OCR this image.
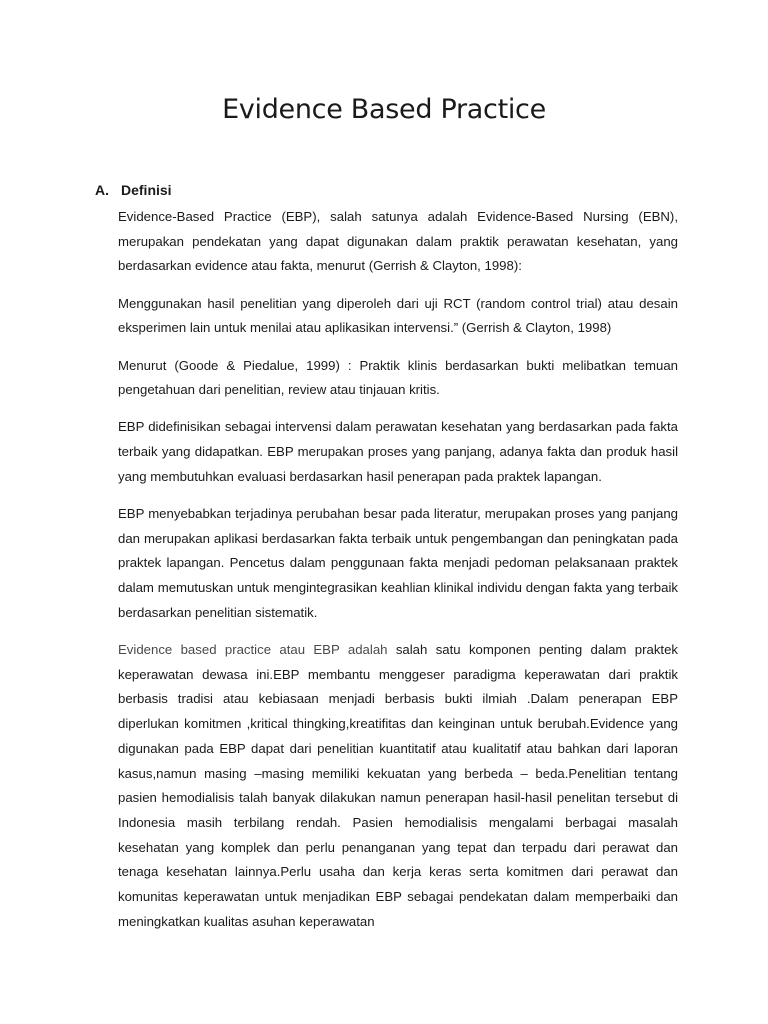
Evidence Based Practice
A. Definisi

Evidence-Based Practice (EBP), salah satunya adalah Evidence-Based Nursing (EBN), merupakan pendekatan yang dapat digunakan dalam praktik perawatan kesehatan, yang berdasarkan evidence atau fakta, menurut (Gerrish & Clayton, 1998):

Menggunakan hasil penelitian yang diperoleh dari uji RCT (random control trial) atau desain eksperimen lain untuk menilai atau aplikasikan intervensi.” (Gerrish & Clayton, 1998)

Menurut (Goode & Piedalue, 1999) : Praktik klinis berdasarkan bukti melibatkan temuan pengetahuan dari penelitian, review atau tinjauan kritis.

EBP didefinisikan sebagai intervensi dalam perawatan kesehatan yang berdasarkan pada fakta terbaik yang didapatkan. EBP merupakan proses yang panjang, adanya fakta dan produk hasil yang membutuhkan evaluasi berdasarkan hasil penerapan pada praktek lapangan.

EBP menyebabkan terjadinya perubahan besar pada literatur, merupakan proses yang panjang dan merupakan aplikasi berdasarkan fakta terbaik untuk pengembangan dan peningkatan pada praktek lapangan. Pencetus dalam penggunaan fakta menjadi pedoman pelaksanaan praktek dalam memutuskan untuk mengintegrasikan keahlian klinikal individu dengan fakta yang terbaik berdasarkan penelitian sistematik.

Evidence based practice atau EBP adalah salah satu komponen penting dalam praktek keperawatan dewasa ini.EBP membantu menggeser paradigma keperawatan dari praktik berbasis tradisi atau kebiasaan menjadi berbasis bukti ilmiah .Dalam penerapan EBP diperlukan komitmen ,kritical thingking,kreatifitas dan keinginan untuk berubah.Evidence yang digunakan pada EBP dapat dari penelitian kuantitatif atau kualitatif atau bahkan dari laporan kasus,namun masing –masing memiliki kekuatan yang berbeda – beda.Penelitian tentang pasien hemodialisis talah banyak dilakukan namun penerapan hasil-hasil penelitan tersebut di Indonesia masih terbilang rendah. Pasien hemodialisis mengalami berbagai masalah kesehatan yang komplek dan perlu penanganan yang tepat dan terpadu dari perawat dan tenaga kesehatan lainnya.Perlu usaha dan kerja keras serta komitmen dari perawat dan komunitas keperawatan untuk menjadikan EBP sebagai pendekatan dalam memperbaiki dan meningkatkan kualitas asuhan keperawatan
